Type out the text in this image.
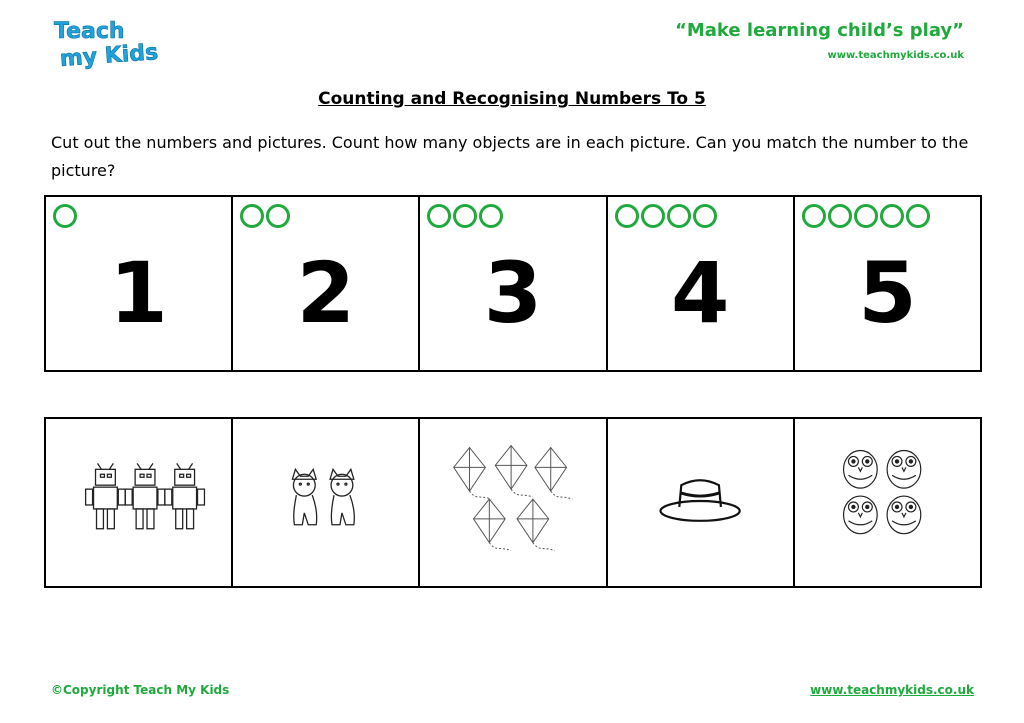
Teach
my Kids
“Make learning child’s play”
www.teachmykids.co.uk
Counting and Recognising Numbers To 5
Cut out the numbers and pictures. Count how many objects are in each picture. Can you match the number to the picture?
1	2	3	4	5
©Copyright Teach My Kids	www.teachmykids.co.uk
